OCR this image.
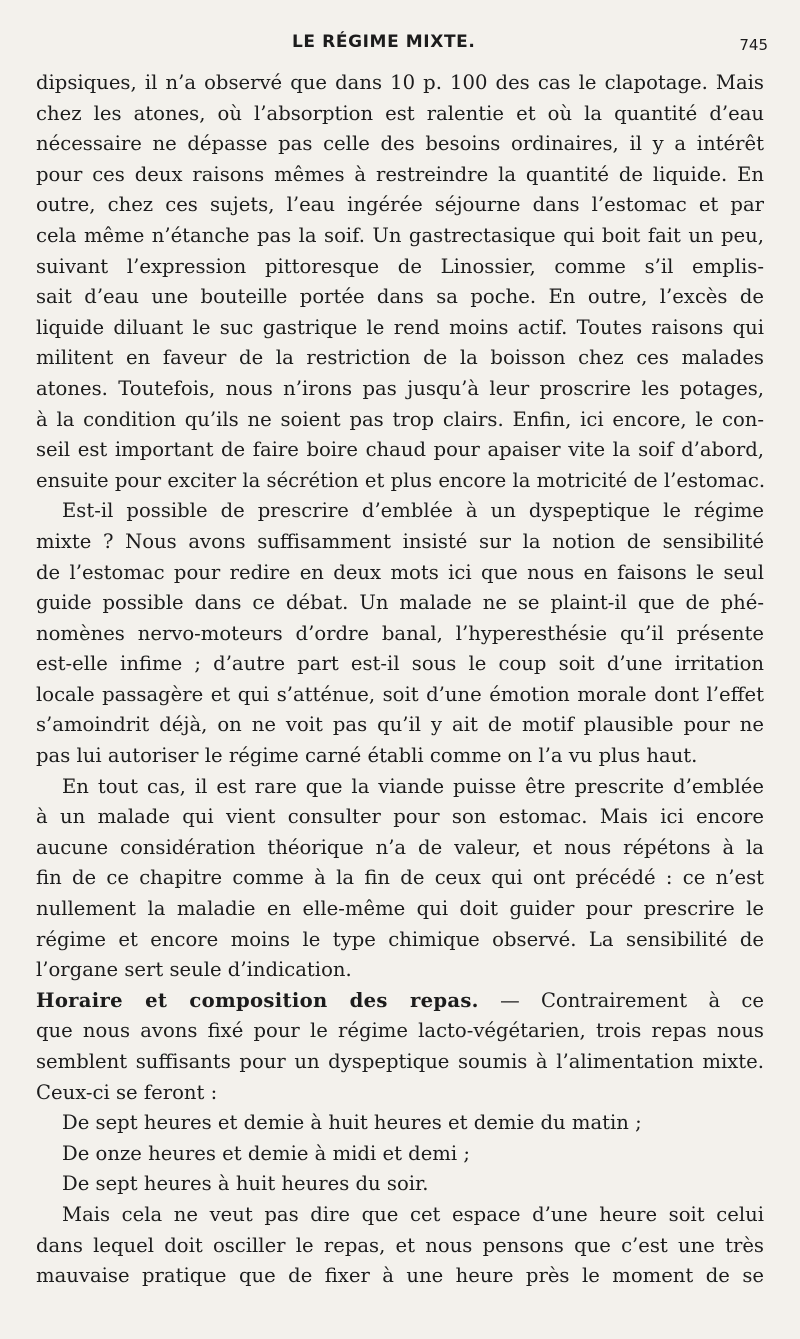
LE RÉGIME MIXTE.	745
dipsiques, il n’a observé que dans 10 p. 100 des cas le clapotage. Mais
chez les atones, où l’absorption est ralentie et où la quantité d’eau
nécessaire ne dépasse pas celle des besoins ordinaires, il y a intérêt
pour ces deux raisons mêmes à restreindre la quantité de liquide. En
outre, chez ces sujets, l’eau ingérée séjourne dans l’estomac et par
cela même n’étanche pas la soif. Un gastrectasique qui boit fait un peu,
suivant l’expression pittoresque de Linossier, comme s’il emplis-
sait d’eau une bouteille portée dans sa poche. En outre, l’excès de
liquide diluant le suc gastrique le rend moins actif. Toutes raisons qui
militent en faveur de la restriction de la boisson chez ces malades
atones. Toutefois, nous n’irons pas jusqu’à leur proscrire les potages,
à la condition qu’ils ne soient pas trop clairs. Enfin, ici encore, le con-
seil est important de faire boire chaud pour apaiser vite la soif d’abord,
ensuite pour exciter la sécrétion et plus encore la motricité de l’estomac.
Est-il possible de prescrire d’emblée à un dyspeptique le régime
mixte ? Nous avons suffisamment insisté sur la notion de sensibilité
de l’estomac pour redire en deux mots ici que nous en faisons le seul
guide possible dans ce débat. Un malade ne se plaint-il que de phé-
nomènes nervo-moteurs d’ordre banal, l’hyperesthésie qu’il présente
est-elle infime ; d’autre part est-il sous le coup soit d’une irritation
locale passagère et qui s’atténue, soit d’une émotion morale dont l’effet
s’amoindrit déjà, on ne voit pas qu’il y ait de motif plausible pour ne
pas lui autoriser le régime carné établi comme on l’a vu plus haut.
En tout cas, il est rare que la viande puisse être prescrite d’emblée
à un malade qui vient consulter pour son estomac. Mais ici encore
aucune considération théorique n’a de valeur, et nous répétons à la
fin de ce chapitre comme à la fin de ceux qui ont précédé : ce n’est
nullement la maladie en elle-même qui doit guider pour prescrire le
régime et encore moins le type chimique observé. La sensibilité de
l’organe sert seule d’indication.
Horaire et composition des repas. — Contrairement à ce
que nous avons fixé pour le régime lacto-végétarien, trois repas nous
semblent suffisants pour un dyspeptique soumis à l’alimentation mixte.
Ceux-ci se feront :
De sept heures et demie à huit heures et demie du matin ;
De onze heures et demie à midi et demi ;
De sept heures à huit heures du soir.
Mais cela ne veut pas dire que cet espace d’une heure soit celui
dans lequel doit osciller le repas, et nous pensons que c’est une très
mauvaise pratique que de fixer à une heure près le moment de se
